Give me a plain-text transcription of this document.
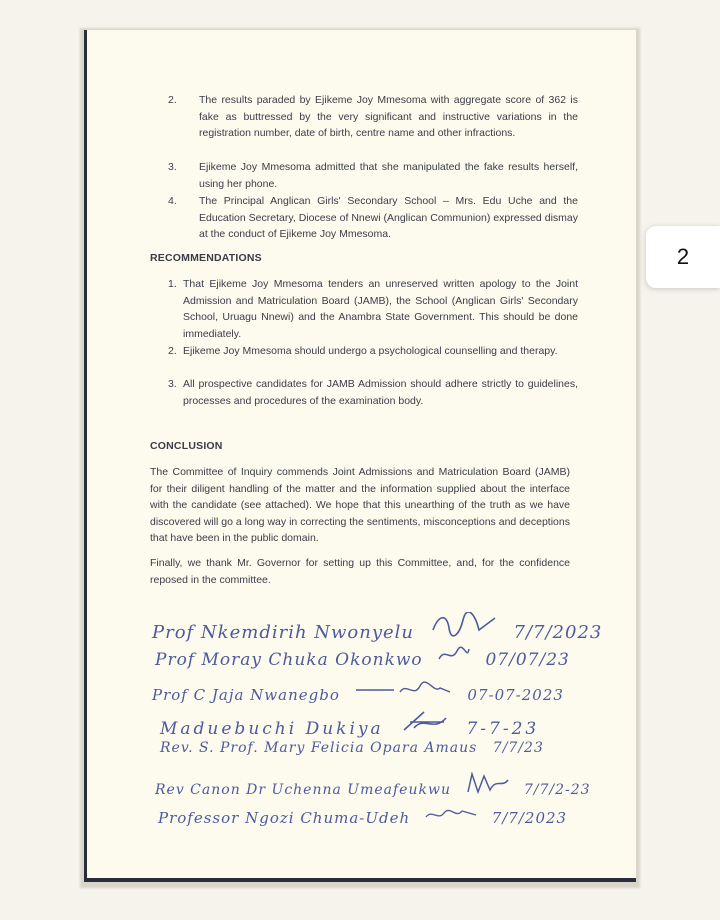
2
2.	The results paraded by Ejikeme Joy Mmesoma with aggregate score of 362 is fake as buttressed by the very significant and instructive variations in the registration number, date of birth, centre name and other infractions.
3.	Ejikeme Joy Mmesoma admitted that she manipulated the fake results herself, using her phone.
4.	The Principal Anglican Girls' Secondary School – Mrs. Edu Uche and the Education Secretary, Diocese of Nnewi (Anglican Communion) expressed dismay at the conduct of Ejikeme Joy Mmesoma.
RECOMMENDATIONS
1. That Ejikeme Joy Mmesoma tenders an unreserved written apology to the Joint Admission and Matriculation Board (JAMB), the School (Anglican Girls' Secondary School, Uruagu Nnewi) and the Anambra State Government. This should be done immediately.
2. Ejikeme Joy Mmesoma should undergo a psychological counselling and therapy.
3. All prospective candidates for JAMB Admission should adhere strictly to guidelines, processes and procedures of the examination body.
CONCLUSION
The Committee of Inquiry commends Joint Admissions and Matriculation Board (JAMB) for their diligent handling of the matter and the information supplied about the interface with the candidate (see attached). We hope that this unearthing of the truth as we have discovered will go a long way in correcting the sentiments, misconceptions and deceptions that have been in the public domain.
Finally, we thank Mr. Governor for setting up this Committee, and, for the confidence reposed in the committee.
Prof Nkemdirih Nwonyelu	7/7/2023
Prof Moray Chuka Okonkwo	07/07/23
Prof C Jaja Nwanegbo	07-07-2023
Maduebuchi Dukiya	7-7-23
Rev. S. Prof. Mary Felicia Opara Amaus 7/7/23
Rev Canon Dr Uchenna Umeafeukwu	7/7/2-23
Professor Ngozi Chuma-Udeh	7/7/2023
